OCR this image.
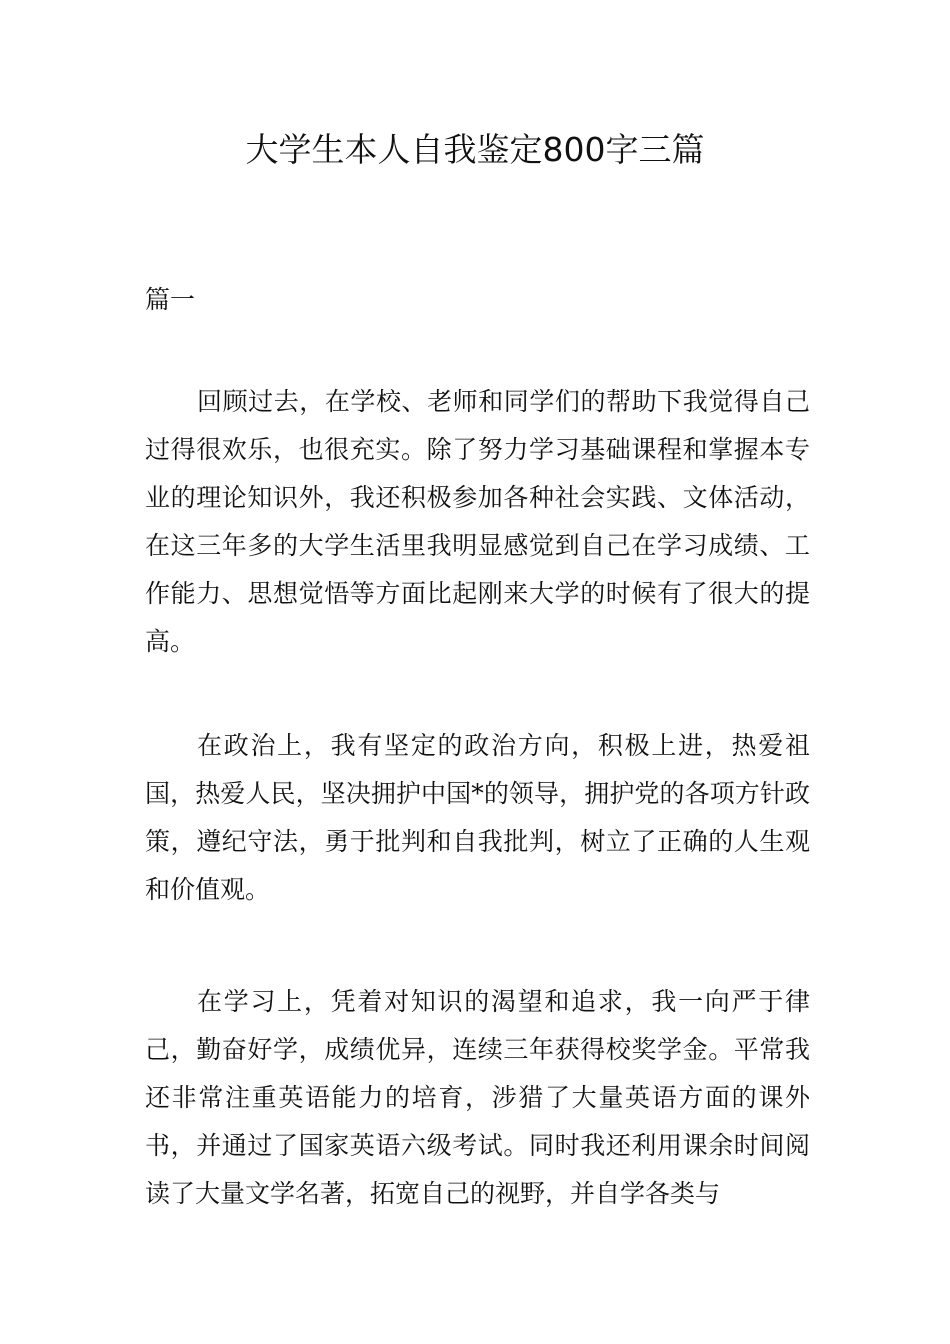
大学生本人自我鉴定800字三篇
篇一

回顾过去，在学校、老师和同学们的帮助下我觉得自己过得很欢乐，也很充实。除了努力学习基础课程和掌握本专业的理论知识外，我还积极参加各种社会实践、文体活动，在这三年多的大学生活里我明显感觉到自己在学习成绩、工作能力、思想觉悟等方面比起刚来大学的时候有了很大的提高。

在政治上，我有坚定的政治方向，积极上进，热爱祖国，热爱人民，坚决拥护中国*的领导，拥护党的各项方针政策，遵纪守法，勇于批判和自我批判，树立了正确的人生观和价值观。

在学习上，凭着对知识的渴望和追求，我一向严于律己，勤奋好学，成绩优异，连续三年获得校奖学金。平常我还非常注重英语能力的培育，涉猎了大量英语方面的课外书，并通过了国家英语六级考试。同时我还利用课余时间阅读了大量文学名著，拓宽自己的视野，并自学各类与
